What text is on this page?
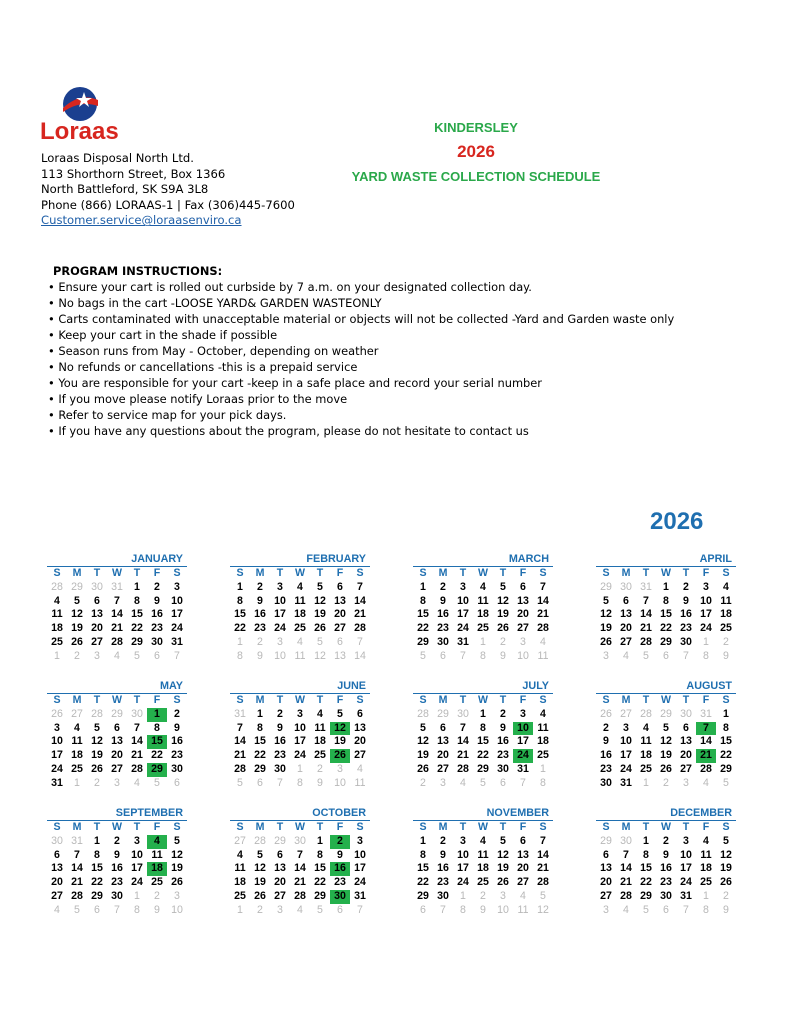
Loraas
Loraas Disposal North Ltd.
113 Shorthorn Street, Box 1366
North Battleford, SK S9A 3L8
Phone (866) LORAAS-1 | Fax (306)445-7600
Customer.service@loraasenviro.ca
KINDERSLEY
2026
YARD WASTE COLLECTION SCHEDULE
PROGRAM INSTRUCTIONS:
• Ensure your cart is rolled out curbside by 7 a.m. on your designated collection day.
• No bags in the cart -LOOSE YARD& GARDEN WASTEONLY
• Carts contaminated with unacceptable material or objects will not be collected -Yard and Garden waste only
• Keep your cart in the shade if possible
• Season runs from May - October, depending on weather
• No refunds or cancellations -this is a prepaid service
• You are responsible for your cart -keep in a safe place and record your serial number
• If you move please notify Loraas prior to the move
• Refer to service map for your pick days.
• If you have any questions about the program, please do not hesitate to contact us
2026
JANUARY
S	M	T	W	T	F	S
28 29 30 31	1	2	3
4	5	6	7	8	9	10
11 12 13 14 15 16 17
18 19 20 21 22 23 24
25 26 27 28 29 30 31
1	2	3	4	5	6	7
FEBRUARY
S	M	T	W	T	F	S
1	2	3	4	5	6	7
8	9	10 11 12 13 14
15 16 17 18 19 20 21
22 23 24 25 26 27 28
1	2	3	4	5	6	7
8	9	10 11 12 13 14
MARCH
S	M	T	W	T	F	S
1	2	3	4	5	6	7
8	9	10 11 12 13 14
15 16 17 18 19 20 21
22 23 24 25 26 27 28
29 30 31	1	2	3	4
5	6	7	8	9	10 11
APRIL
S	M	T	W	T	F	S
29 30 31	1	2	3	4
5	6	7	8	9	10 11
12 13 14 15 16 17 18
19 20 21 22 23 24 25
26 27 28 29 30	1	2
3	4	5	6	7	8	9
MAY
S	M	T	W	T	F	S
26 27 28 29 30	1	2
3	4	5	6	7	8	9
10 11 12 13 14 15 16
17 18 19 20 21 22 23
24 25 26 27 28 29 30
31	1	2	3	4	5	6
JUNE
S	M	T	W	T	F	S
31	1	2	3	4	5	6
7	8	9	10 11 12 13
14 15 16 17 18 19 20
21 22 23 24 25 26 27
28 29 30	1	2	3	4
5	6	7	8	9	10 11
JULY
S	M	T	W	T	F	S
28 29 30	1	2	3	4
5	6	7	8	9	10 11
12 13 14 15 16 17 18
19 20 21 22 23 24 25
26 27 28 29 30 31	1
2	3	4	5	6	7	8
AUGUST
S	M	T	W	T	F	S
26 27 28 29 30 31	1
2	3	4	5	6	7	8
9	10 11 12 13 14 15
16 17 18 19 20 21 22
23 24 25 26 27 28 29
30 31	1	2	3	4	5
SEPTEMBER
S	M	T	W	T	F	S
30 31	1	2	3	4	5
6	7	8	9	10 11 12
13 14 15 16 17 18 19
20 21 22 23 24 25 26
27 28 29 30	1	2	3
4	5	6	7	8	9	10
OCTOBER
S	M	T	W	T	F	S
27 28 29 30	1	2	3
4	5	6	7	8	9	10
11 12 13 14 15 16 17
18 19 20 21 22 23 24
25 26 27 28 29 30 31
1	2	3	4	5	6	7
NOVEMBER
S	M	T	W	T	F	S
1	2	3	4	5	6	7
8	9	10 11 12 13 14
15 16 17 18 19 20 21
22 23 24 25 26 27 28
29 30	1	2	3	4	5
6	7	8	9	10 11 12
DECEMBER
S	M	T	W	T	F	S
29 30	1	2	3	4	5
6	7	8	9	10 11 12
13 14 15 16 17 18 19
20 21 22 23 24 25 26
27 28 29 30 31	1	2
3	4	5	6	7	8	9
